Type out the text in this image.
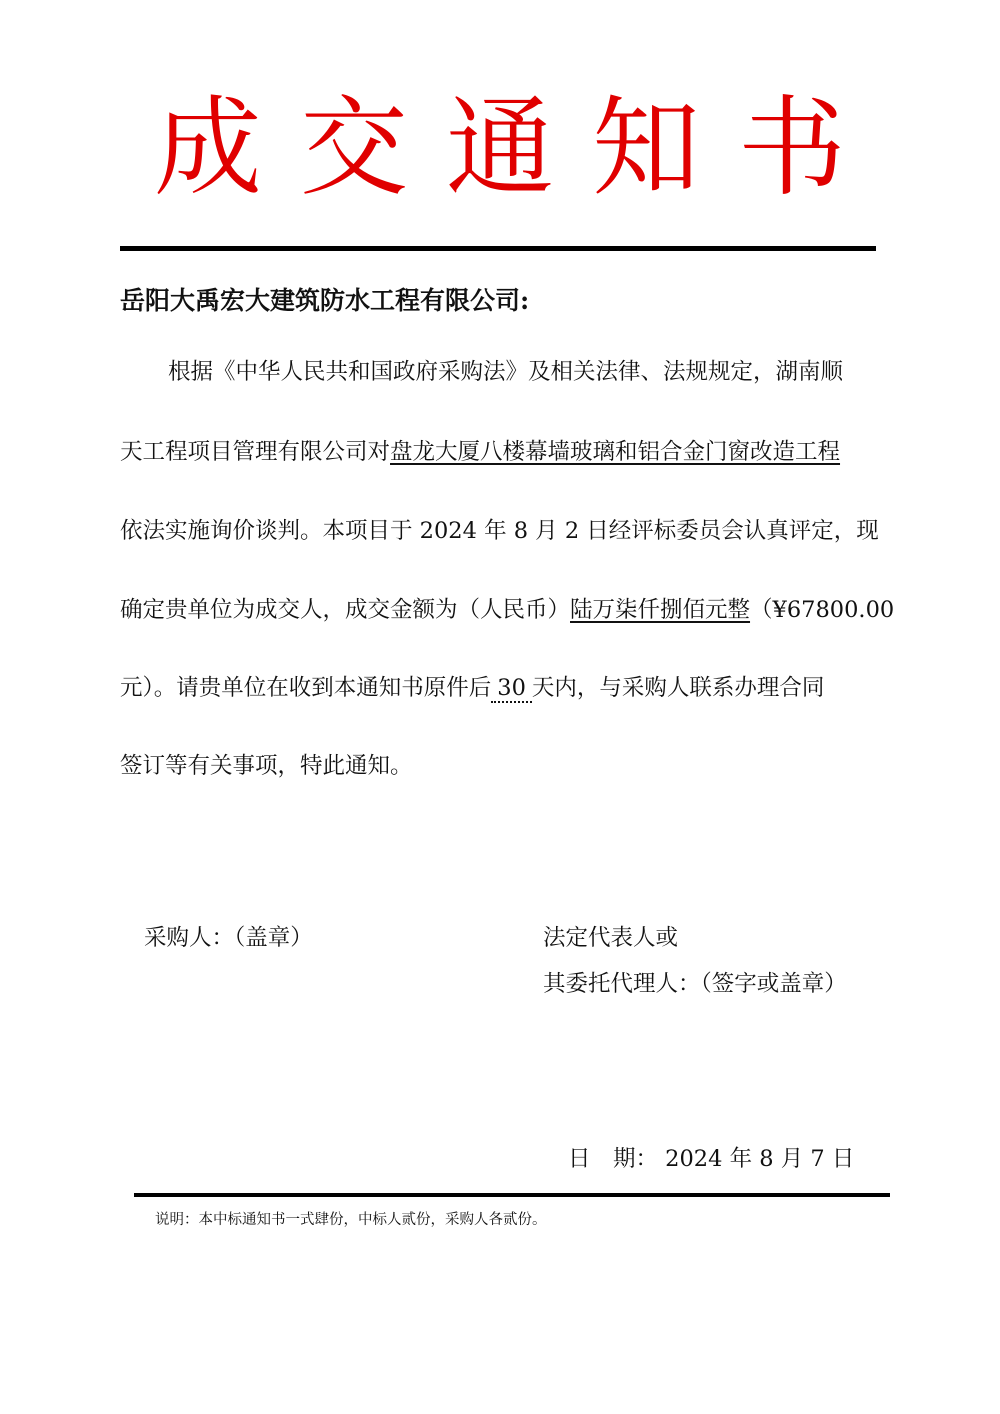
成交通知书
岳阳大禹宏大建筑防水工程有限公司:
根据《中华人民共和国政府采购法》及相关法律、法规规定，湖南顺
天工程项目管理有限公司对盘龙大厦八楼幕墙玻璃和铝合金门窗改造工程
依法实施询价谈判。本项目于 2024 年 8 月 2 日经评标委员会认真评定，现
确定贵单位为成交人，成交金额为（人民币）陆万柒仟捌佰元整（¥67800.00
元）。请贵单位在收到本通知书原件后 30 天内，与采购人联系办理合同
签订等有关事项，特此通知。
采购人：（盖章）	法定代表人或
其委托代理人：（签字或盖章）
日　期： 2024 年 8 月 7 日
说明：本中标通知书一式肆份，中标人贰份，采购人各贰份。
